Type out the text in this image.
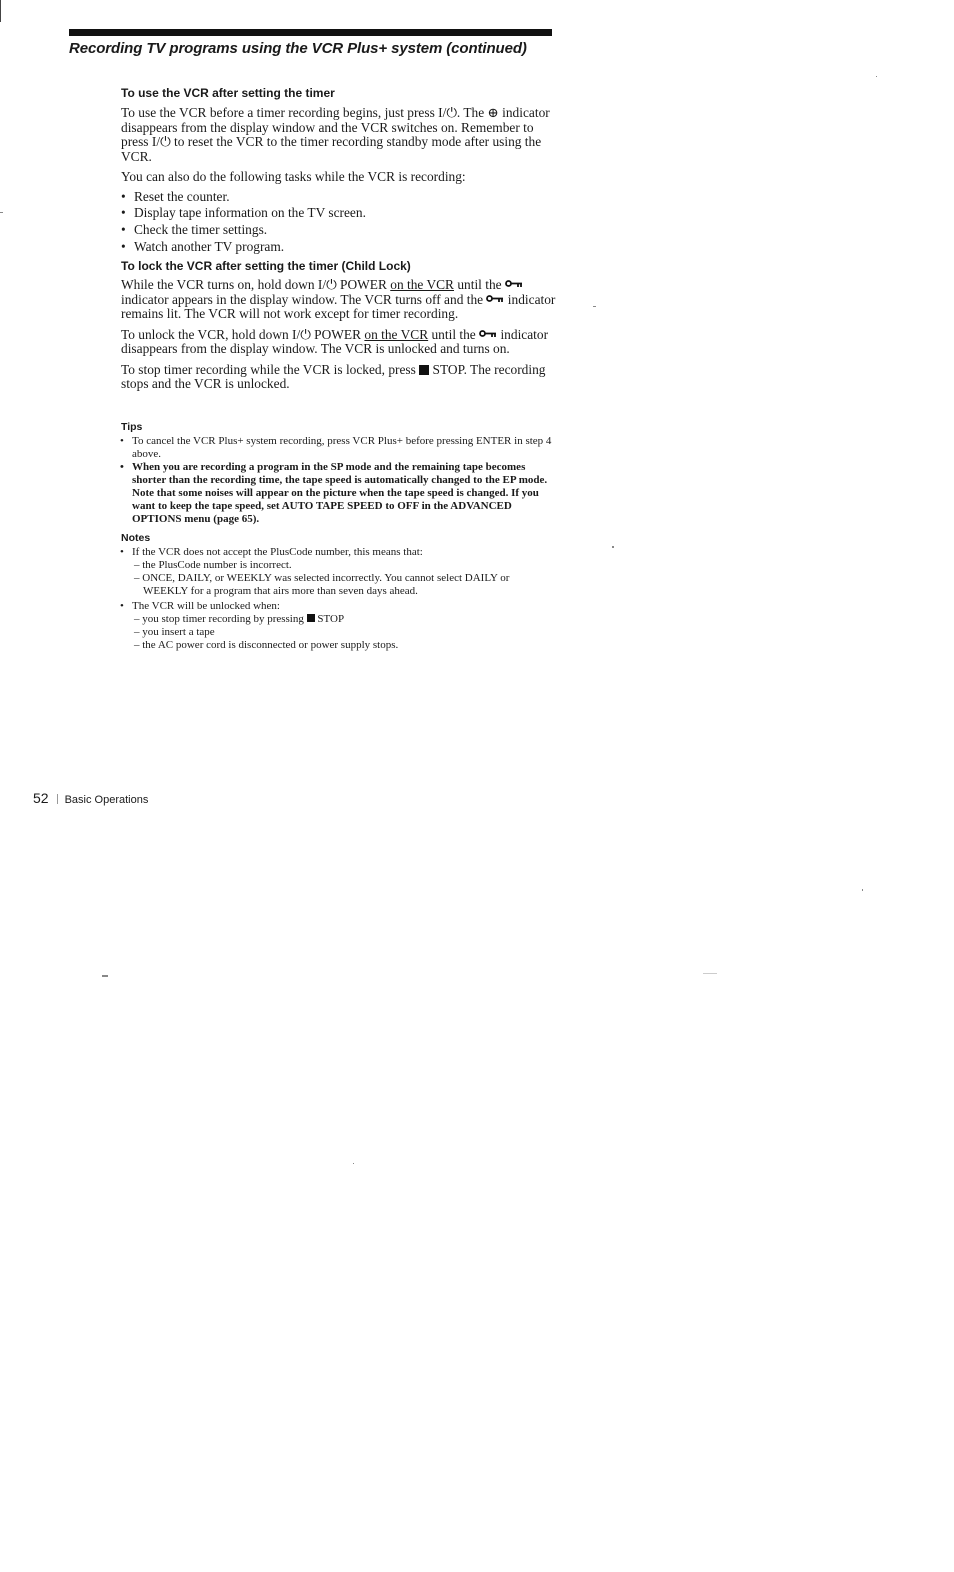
Recording TV programs using the VCR Plus+ system (continued)
To use the VCR after setting the timer

To use the VCR before a timer recording begins, just press I/⏻. The ⊕ indicator disappears from the display window and the VCR switches on. Remember to press I/⏻ to reset the VCR to the timer recording standby mode after using the VCR.

You can also do the following tasks while the VCR is recording:

• Reset the counter.
• Display tape information on the TV screen.
• Check the timer settings.
• Watch another TV program.
To lock the VCR after setting the timer (Child Lock)

While the VCR turns on, hold down I/⏻ POWER on the VCR until the  indicator appears in the display window. The VCR turns off and the  indicator remains lit. The VCR will not work except for timer recording.

To unlock the VCR, hold down I/⏻ POWER on the VCR until the  indicator disappears from the display window. The VCR is unlocked and turns on.

To stop timer recording while the VCR is locked, press  STOP. The recording stops and the VCR is unlocked.

Tips
• To cancel the VCR Plus+ system recording, press VCR Plus+ before pressing ENTER in step 4 above.
• When you are recording a program in the SP mode and the remaining tape becomes shorter than the recording time, the tape speed is automatically changed to the EP mode. Note that some noises will appear on the picture when the tape speed is changed. If you want to keep the tape speed, set AUTO TAPE SPEED to OFF in the ADVANCED OPTIONS menu (page 65).
Notes
• If the VCR does not accept the PlusCode number, this means that:
– the PlusCode number is incorrect.
– ONCE, DAILY, or WEEKLY was selected incorrectly. You cannot select DAILY or WEEKLY for a program that airs more than seven days ahead.
• The VCR will be unlocked when:
– you stop timer recording by pressing  STOP
– you insert a tape
– the AC power cord is disconnected or power supply stops.
52 Basic Operations
